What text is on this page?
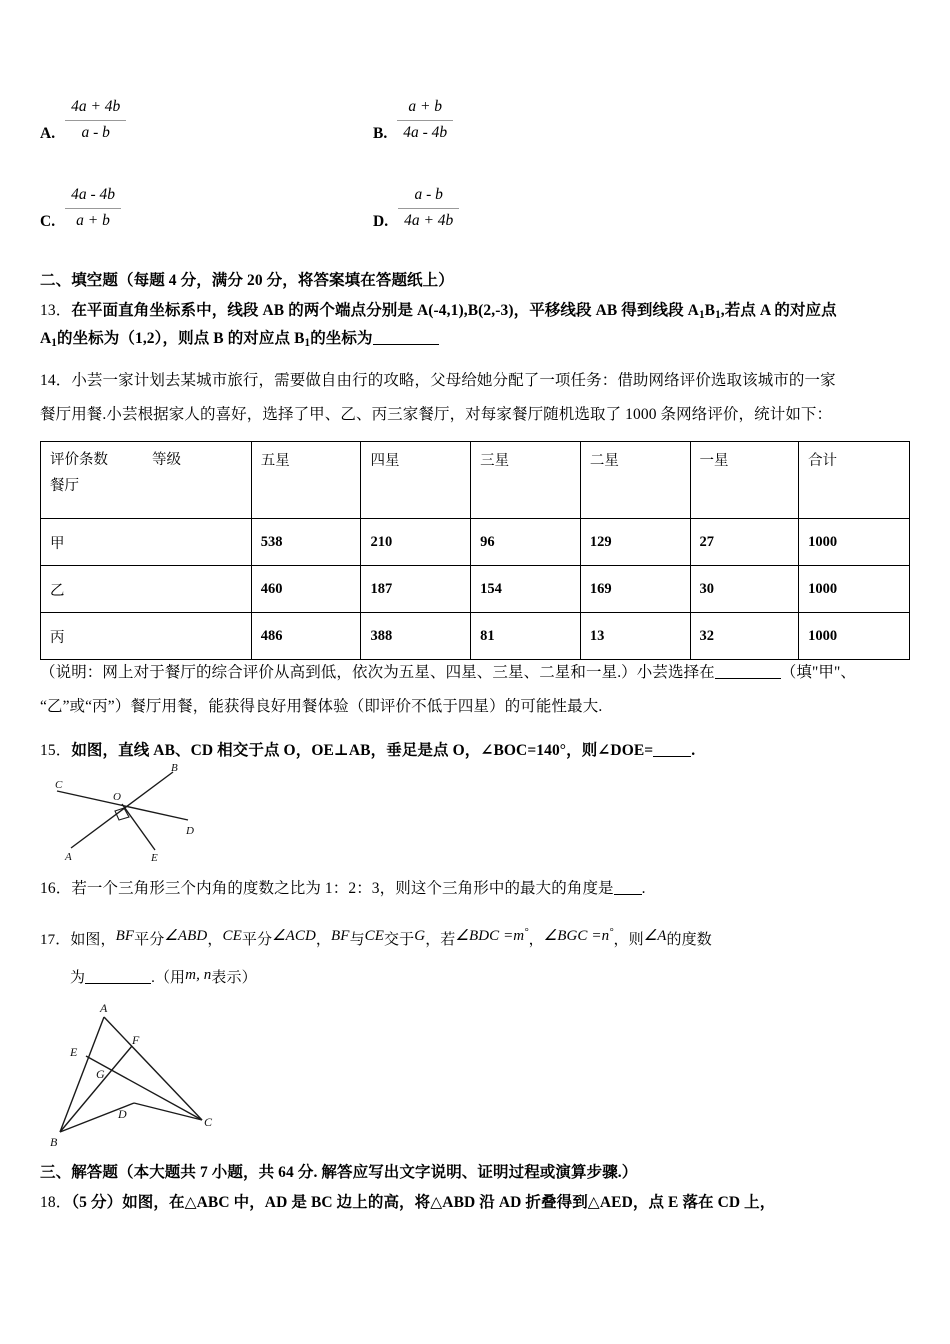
A. $\frac{4a + 4b}{a - b}$	B. $\frac{a + b}{4a - 4b}$
C. $\frac{4a - 4b}{a + b}$	D. $\frac{a - b}{4a + 4b}$
二、填空题（每题 4 分，满分 20 分，将答案填在答题纸上）
13．在平面直角坐标系中，线段 AB 的两个端点分别是 A(-4,1),B(2,-3)，平移线段 AB 得到线段 $A_1B_1$,若点 A 的对应点
$A_1$的坐标为（1,2），则点 B 的对应点 $B_1$的坐标为
14．小芸一家计划去某城市旅行，需要做自由行的攻略，父母给她分配了一项任务：借助网络评价选取该城市的一家
餐厅用餐.小芸根据家人的喜好，选择了甲、乙、丙三家餐厅，对每家餐厅随机选取了 1000 条网络评价，统计如下：
评价条数 等级
餐厅	五星	四星	三星	二星	一星	合计
甲	538	210	96	129	27	1000
乙	460	187	154	169	30	1000
丙	486	388	81	13	32	1000
（说明：网上对于餐厅的综合评价从高到低，依次为五星、四星、三星、二星和一星.）小芸选择在	（填"甲"、
“乙”或“丙”）餐厅用餐，能获得良好用餐体验（即评价不低于四星）的可能性最大.
15．如图，直线 AB、CD 相交于点 O，OE⊥AB，垂足是点 O，∠BOC=140°，则∠DOE= .
B
C
O
D
A	E
16．若一个三角形三个内角的度数之比为 1：2：3，则这个三角形中的最大的角度是 .
17．如图，BF平分∠ABD，CE平分∠ACD，BF与CE交于G，若∠BDC =m°，∠BGC =n°，则∠A的度数
为	.（用m, n表示）
A
E
F
G
D
C
B
三、解答题（本大题共 7 小题，共 64 分. 解答应写出文字说明、证明过程或演算步骤.）
18．（5 分）如图，在△ABC 中，AD 是 BC 边上的高，将△ABD 沿 AD 折叠得到△AED，点 E 落在 CD 上，
